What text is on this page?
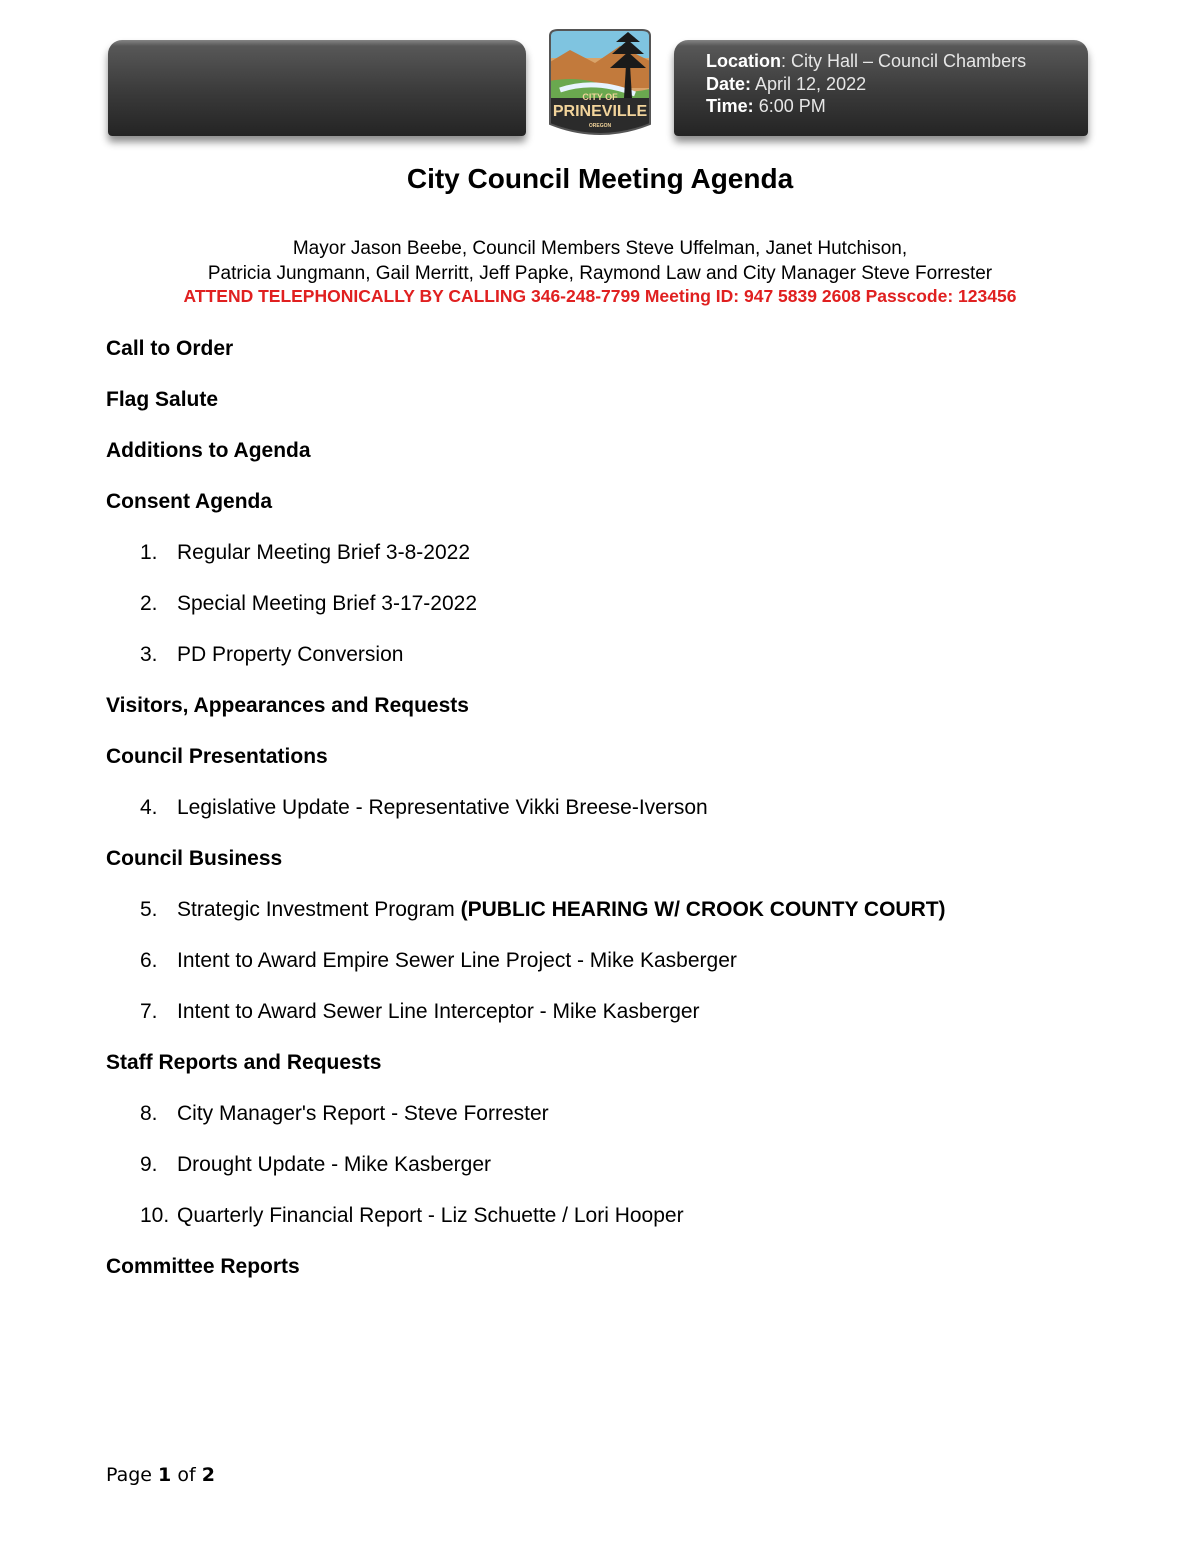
CITY OF
PRINEVILLE
OREGON
Location: City Hall – Council Chambers
Date: April 12, 2022
Time: 6:00 PM
City Council Meeting Agenda
Mayor Jason Beebe, Council Members Steve Uffelman, Janet Hutchison,
Patricia Jungmann, Gail Merritt, Jeff Papke, Raymond Law and City Manager Steve Forrester
ATTEND TELEPHONICALLY BY CALLING 346-248-7799 Meeting ID: 947 5839 2608 Passcode: 123456
Call to Order
Flag Salute
Additions to Agenda
Consent Agenda
1. Regular Meeting Brief 3-8-2022
2. Special Meeting Brief 3-17-2022
3. PD Property Conversion
Visitors, Appearances and Requests
Council Presentations
4. Legislative Update - Representative Vikki Breese-Iverson
Council Business
5. Strategic Investment Program (PUBLIC HEARING W/ CROOK COUNTY COURT)
6. Intent to Award Empire Sewer Line Project - Mike Kasberger
7. Intent to Award Sewer Line Interceptor - Mike Kasberger
Staff Reports and Requests
8. City Manager's Report - Steve Forrester
9. Drought Update - Mike Kasberger
10. Quarterly Financial Report - Liz Schuette / Lori Hooper
Committee Reports
Page 1 of 2
